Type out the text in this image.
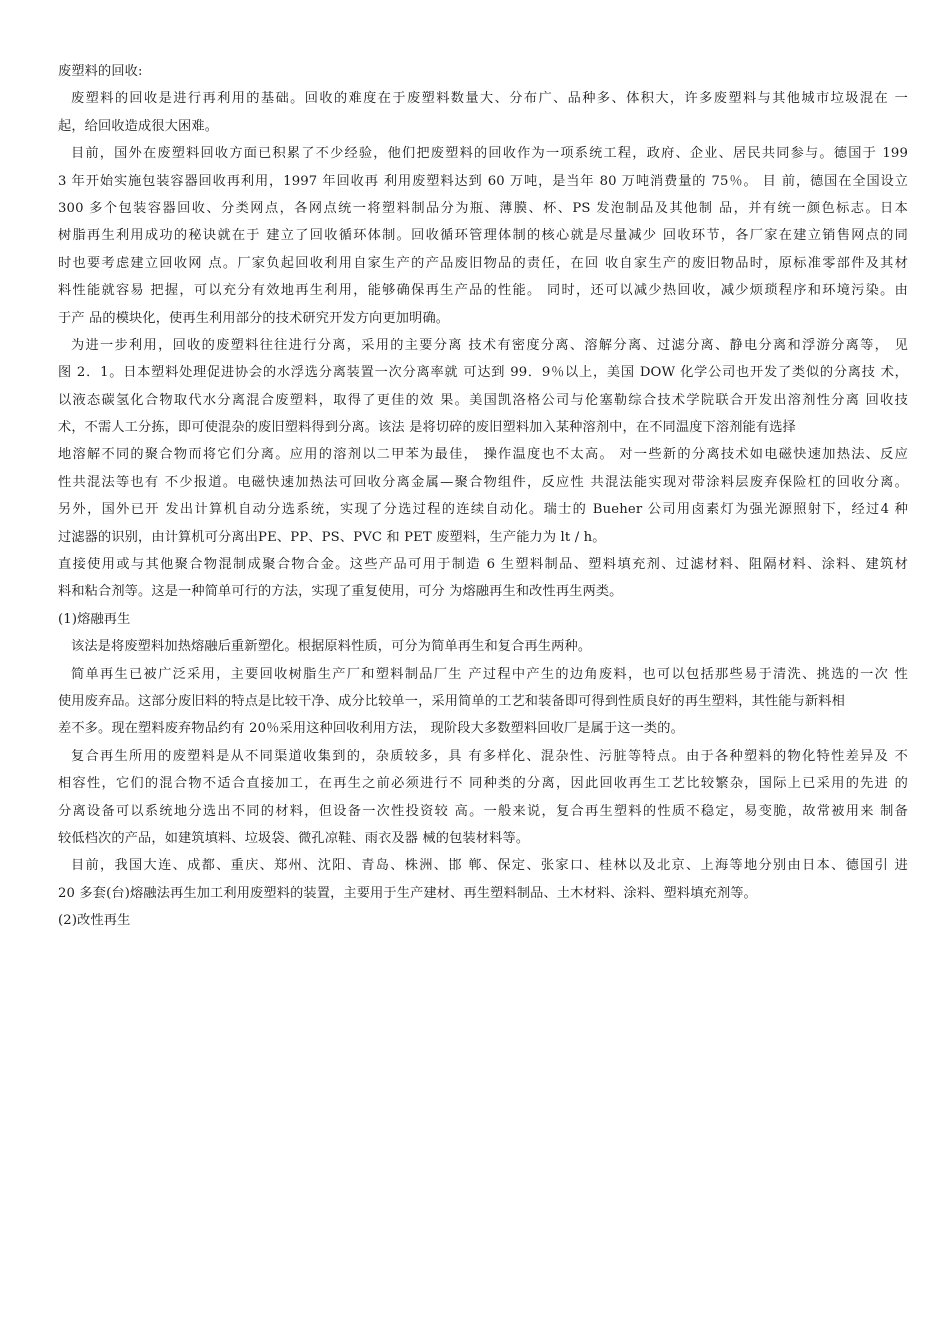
废塑料的回收:
废塑料的回收是进行再利用的基础。回收的难度在于废塑料数量大、分布广、品种多、体积大，许多废塑料与其他城市垃圾混在 一
起，给回收造成很大困难。
目前，国外在废塑料回收方面已积累了不少经验，他们把废塑料的回收作为一项系统工程，政府、企业、居民共同参与。德国于 199
3 年开始实施包装容器回收再利用，1997 年回收再 利用废塑料达到 60 万吨，是当年 80 万吨消费量的 75％。 目 前，德国在全国设立
300 多个包装容器回收、分类网点，各网点统一将塑料制品分为瓶、薄膜、杯、PS 发泡制品及其他制 品，并有统一颜色标志。日本
树脂再生利用成功的秘诀就在于 建立了回收循环体制。回收循环管理体制的核心就是尽量减少 回收环节，各厂家在建立销售网点的同
时也要考虑建立回收网 点。厂家负起回收利用自家生产的产品废旧物品的责任，在回 收自家生产的废旧物品时，原标准零部件及其材
料性能就容易 把握，可以充分有效地再生利用，能够确保再生产品的性能。 同时，还可以减少热回收，减少烦琐程序和环境污染。由
于产 品的模块化，使再生利用部分的技术研究开发方向更加明确。
为进一步利用，回收的废塑料往往进行分离，采用的主要分离 技术有密度分离、溶解分离、过滤分离、静电分离和浮游分离等， 见
图 2．1。日本塑料处理促进协会的水浮选分离装置一次分离率就 可达到 99．9％以上，美国 DOW 化学公司也开发了类似的分离技 术，
以液态碳氢化合物取代水分离混合废塑料，取得了更佳的效 果。美国凯洛格公司与伦塞勒综合技术学院联合开发出溶剂性分离 回收技
术，不需人工分拣，即可使混杂的废旧塑料得到分离。该法 是将切碎的废旧塑料加入某种溶剂中，在不同温度下溶剂能有选择
地溶解不同的聚合物而将它们分离。应用的溶剂以二甲苯为最佳， 操作温度也不太高。 对一些新的分离技术如电磁快速加热法、反应
性共混法等也有 不少报道。电磁快速加热法可回收分离金属—聚合物组件，反应性 共混法能实现对带涂料层废弃保险杠的回收分离。
另外，国外已开 发出计算机自动分选系统，实现了分选过程的连续自动化。瑞士的 Bueher 公司用卤素灯为强光源照射下，经过4 种
过滤器的识别，由计算机可分离出PE、PP、PS、PVC 和 PET 废塑料，生产能力为 lt / h。
直接使用或与其他聚合物混制成聚合物合金。这些产品可用于制造 6 生塑料制品、塑料填充剂、过滤材料、阻隔材料、涂料、建筑材
料和粘合剂等。这是一种简单可行的方法，实现了重复使用，可分 为熔融再生和改性再生两类。
(1)熔融再生
该法是将废塑料加热熔融后重新塑化。根据原料性质，可分为简单再生和复合再生两种。
简单再生已被广泛采用，主要回收树脂生产厂和塑料制品厂生 产过程中产生的边角废料，也可以包括那些易于清洗、挑选的一次 性
使用废弃品。这部分废旧料的特点是比较干净、成分比较单一，采用简单的工艺和装备即可得到性质良好的再生塑料，其性能与新料相
差不多。现在塑料废弃物品约有 20％采用这种回收利用方法， 现阶段大多数塑料回收厂是属于这一类的。
复合再生所用的废塑料是从不同渠道收集到的，杂质较多，具 有多样化、混杂性、污脏等特点。由于各种塑料的物化特性差异及 不
相容性，它们的混合物不适合直接加工，在再生之前必须进行不 同种类的分离，因此回收再生工艺比较繁杂，国际上已采用的先进 的
分离设备可以系统地分选出不同的材料，但设备一次性投资较 高。一般来说，复合再生塑料的性质不稳定，易变脆，故常被用来 制备
较低档次的产品，如建筑填料、垃圾袋、微孔凉鞋、雨衣及器 械的包装材料等。
目前，我国大连、成都、重庆、郑州、沈阳、青岛、株洲、邯 郸、保定、张家口、桂林以及北京、上海等地分别由日本、德国引 进
20 多套(台)熔融法再生加工利用废塑料的装置，主要用于生产建材、再生塑料制品、土木材料、涂料、塑料填充剂等。
(2)改性再生
